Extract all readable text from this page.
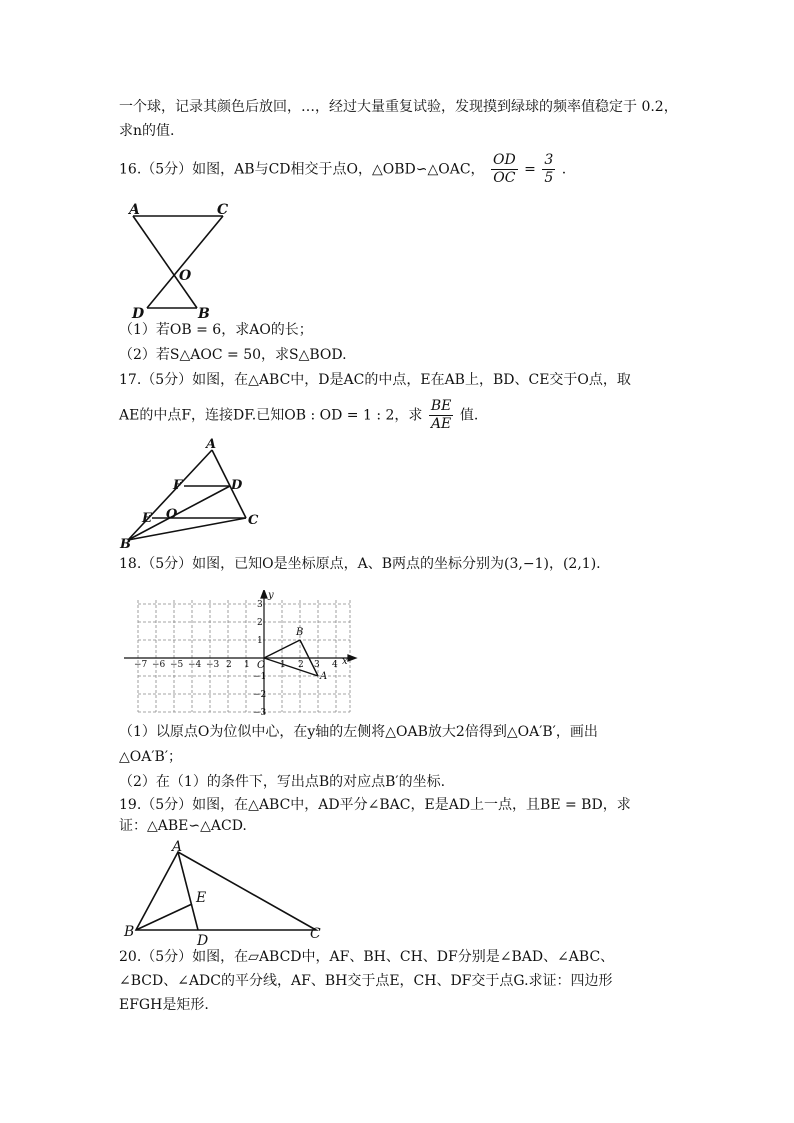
一个球，记录其颜色后放回，…，经过大量重复试验，发现摸到绿球的频率值稳定于 0.2，
求n的值.
16.（5分）如图，AB与CD相交于点O，△OBD∽△OAC， $\frac{OD}{OC} = \frac{3}{5}$ .
A	C
O
D	B
（1）若OB = 6，求AO的长；
（2）若S△AOC = 50，求S△BOD.
17.（5分）如图，在△ABC中，D是AC的中点，E在AB上，BD、CE交于O点，取
AE的中点F，连接DF.已知OB : OD = 1 : 2，求 $\frac{BE}{AE}$ 值.
A
F	D
E O	C
B
18.（5分）如图，已知O是坐标原点，A、B两点的坐标分别为(3,−1)，(2,1).
−7 −6 −5 −4 −3 2 1	1 2 3 4
3
2
1
−1
−2
−3
y
x
O
A
B
（1）以原点O为位似中心，在y轴的左侧将△OAB放大2倍得到△OA′B′，画出
△OA′B′；
（2）在（1）的条件下，写出点B的对应点B′的坐标.
19.（5分）如图，在△ABC中，AD平分∠BAC，E是AD上一点，且BE = BD，求
证：△ABE∽△ACD.
A
E
B
D	C
20.（5分）如图，在▱ABCD中，AF、BH、CH、DF分别是∠BAD、∠ABC、
∠BCD、∠ADC的平分线，AF、BH交于点E，CH、DF交于点G.求证：四边形
EFGH是矩形.
